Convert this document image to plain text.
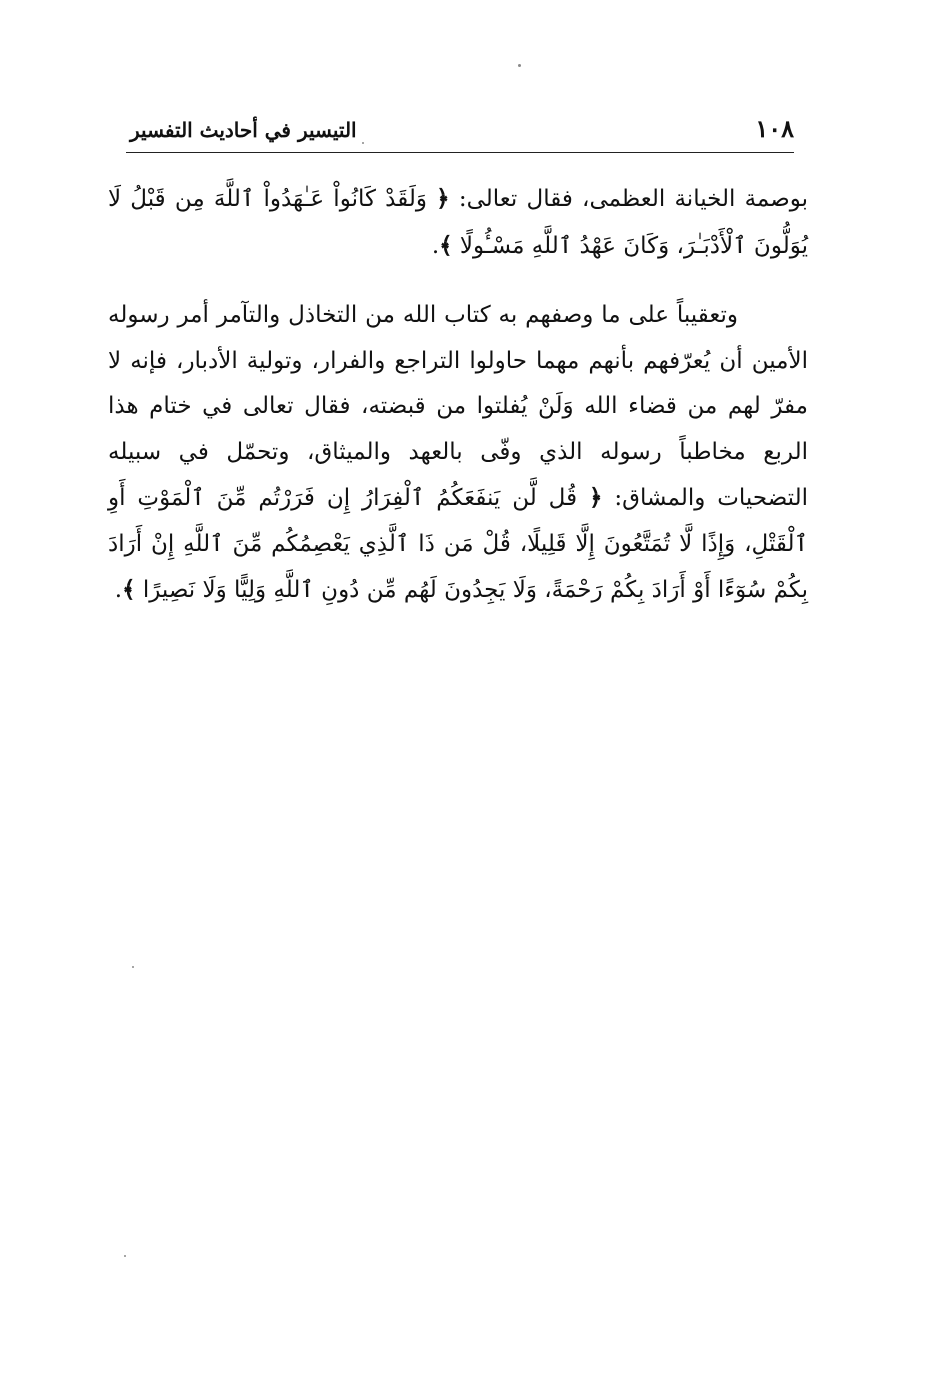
١٠٨
التيسير في أحاديث التفسير

بوصمة الخيانة العظمى، فقال تعالى: ﴿ وَلَقَدْ كَانُواْ عَـٰهَدُواْ ٱللَّهَ مِن قَبْلُ لَا يُوَلُّونَ ٱلْأَدْبَـٰرَ، وَكَانَ عَهْدُ ٱللَّهِ مَسْـُٔولًا ﴾.

وتعقيباً على ما وصفهم به كتاب الله من التخاذل والتآمر أمر رسوله الأمين أن يُعرّفهم بأنهم مهما حاولوا التراجع والفرار، وتولية الأدبار، فإنه لا مفرّ لهم من قضاء الله وَلَنْ يُفلتوا من قبضته، فقال تعالى في ختام هذا الربع مخاطباً رسوله الذي وفّى بالعهد والميثاق، وتحمّل في سبيله التضحيات والمشاق: ﴿ قُل لَّن يَنفَعَكُمُ ٱلْفِرَارُ إِن فَرَرْتُم مِّنَ ٱلْمَوْتِ أَوِ ٱلْقَتْلِ، وَإِذًا لَّا تُمَتَّعُونَ إِلَّا قَلِيلًا، قُلْ مَن ذَا ٱلَّذِي يَعْصِمُكُم مِّنَ ٱللَّهِ إِنْ أَرَادَ بِكُمْ سُوٓءًا أَوْ أَرَادَ بِكُمْ رَحْمَةً، وَلَا يَجِدُونَ لَهُم مِّن دُونِ ٱللَّهِ وَلِيًّا وَلَا نَصِيرًا ﴾.
